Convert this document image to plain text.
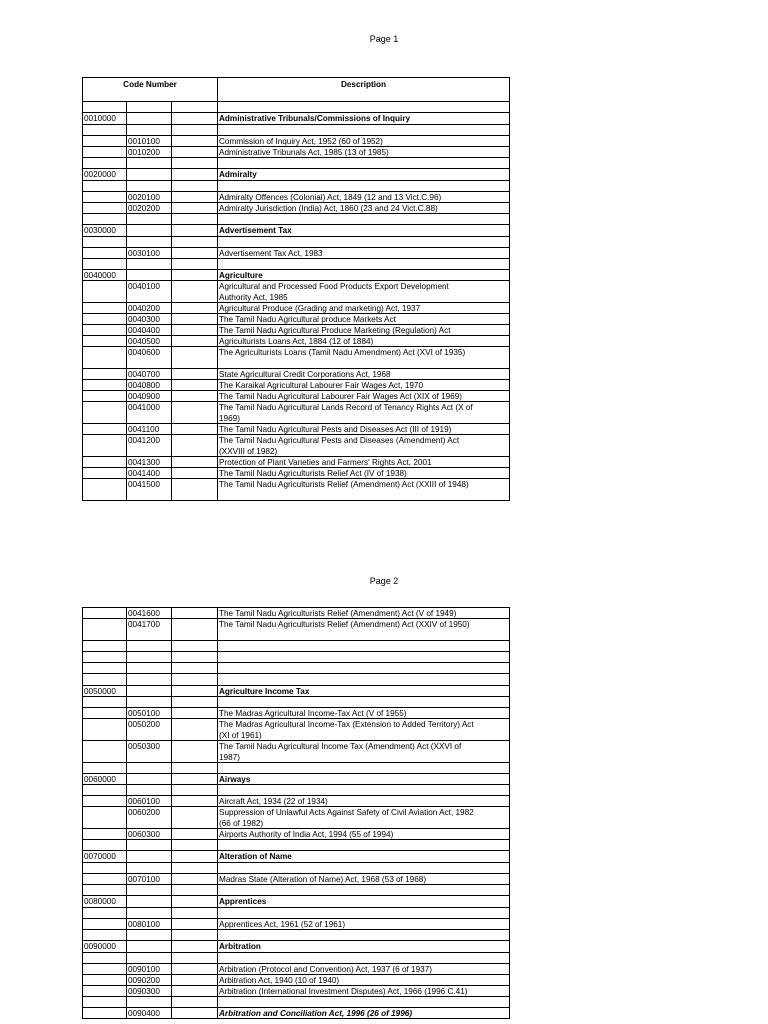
Page 1
Code Number	Description
0010000	Administrative Tribunals/Commissions of Inquiry
0010100	Commission of Inquiry Act, 1952 (60 of 1952)
0010200	Administrative Tribunals Act, 1985 (13 of 1985)
0020000	Admiralty
0020100	Admiralty Offences (Colonial) Act, 1849 (12 and 13 Vict.C.96)
0020200	Admiralty Jurisdiction (India) Act, 1860 (23 and 24 Vict.C.88)
0030000	Advertisement Tax
0030100	Advertisement Tax Act, 1983
0040000	Agriculture
0040100	Agricultural and Processed Food Products Export Development
Authority Act, 1985
0040200	Agricultural Produce (Grading and marketing) Act, 1937
0040300	The Tamil Nadu Agricultural produce Markets Act
0040400	The Tamil Nadu Agricultural Produce Marketing (Regulation) Act
0040500	Agriculturists Loans Act, 1884 (12 of 1884)
0040600	The Agriculturists Loans (Tamil Nadu Amendment) Act (XVI of 1935)
0040700	State Agricultural Credit Corporations Act, 1968
0040800	The Karaikal Agricultural Labourer Fair Wages Act, 1970
0040900	The Tamil Nadu Agricultural Labourer Fair Wages Act (XIX of 1969)
0041000	The Tamil Nadu Agricultural Lands Record of Tenancy Rights Act (X of
1969)
0041100	The Tamil Nadu Agricultural Pests and Diseases Act (III of 1919)
0041200	The Tamil Nadu Agricultural Pests and Diseases (Amendment) Act
(XXVIII of 1982)
0041300	Protection of Plant Varieties and Farmers' Rights Act, 2001
0041400	The Tamil Nadu Agriculturists Relief Act (IV of 1938)
0041500	The Tamil Nadu Agriculturists Relief (Amendment) Act (XXIII of 1948)
Page 2
0041600	The Tamil Nadu Agriculturists Relief (Amendment) Act (V of 1949)
0041700	The Tamil Nadu Agriculturists Relief (Amendment) Act (XXIV of 1950)
0050000	Agriculture Income Tax
0050100	The Madras Agricultural Income-Tax Act (V of 1955)
0050200	The Madras Agricultural Income-Tax (Extension to Added Territory) Act
(XI of 1961)
0050300	The Tamil Nadu Agricultural Income Tax (Amendment) Act (XXVI of
1987)
0060000	Airways
0060100	Aircraft Act, 1934 (22 of 1934)
0060200	Suppression of Unlawful Acts Against Safety of Civil Aviation Act, 1982
(66 of 1982)
0060300	Airports Authority of India Act, 1994 (55 of 1994)
0070000	Alteration of Name
0070100	Madras State (Alteration of Name) Act, 1968 (53 of 1968)
0080000	Apprentices
0080100	Apprentices Act, 1961 (52 of 1961)
0090000	Arbitration
0090100	Arbitration (Protocol and Convention) Act, 1937 (6 of 1937)
0090200	Arbitration Act, 1940 (10 of 1940)
0090300	Arbitration (International Investment Disputes) Act, 1966 (1996 C.41)
0090400	Arbitration and Conciliation Act, 1996 (26 of 1996)
